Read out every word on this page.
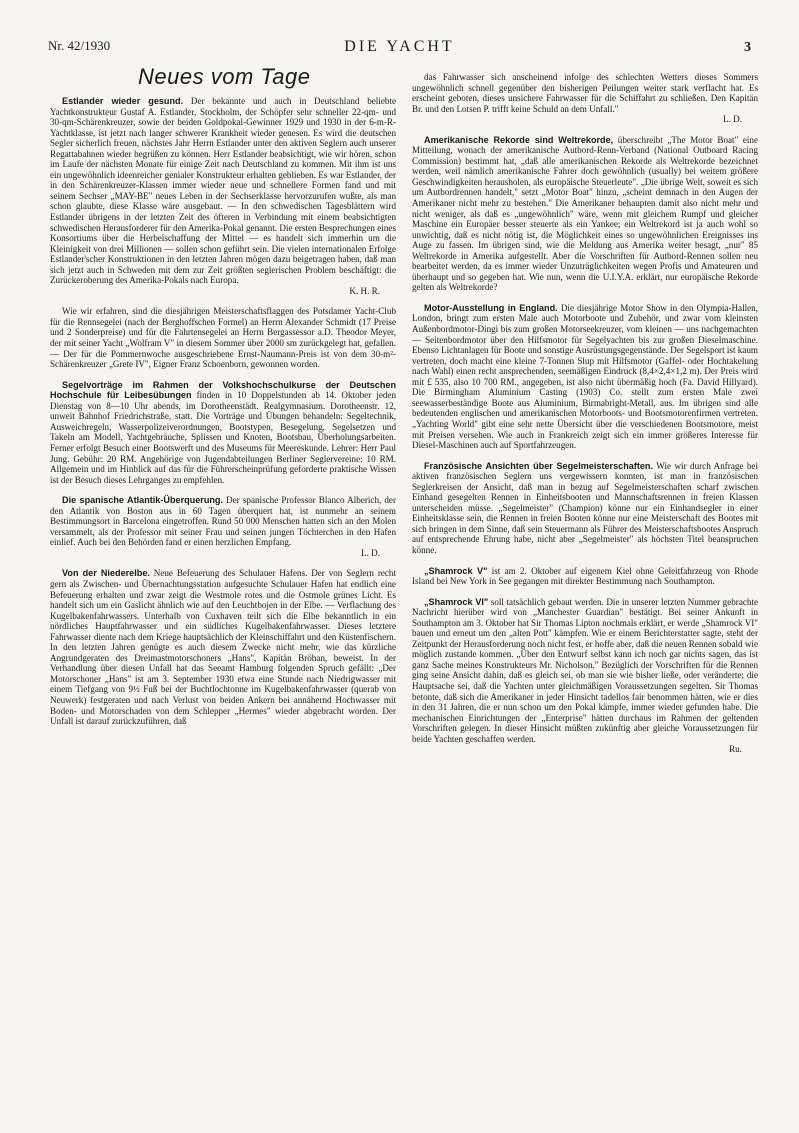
Nr. 42/1930	DIE YACHT	3
Neues vom Tage

Estlander wieder gesund. Der bekannte und auch in Deutschland beliebte Yachtkonstrukteur Gustaf A. Estlander, Stockholm, der Schöpfer sehr schneller 22-qm- und 30-qm-Schärenkreuzer, sowie der beiden Goldpokal-Gewinner 1929 und 1930 in der 6-m-R-Yachtklasse, ist jetzt nach langer schwerer Krankheit wieder genesen. Es wird die deutschen Segler sicherlich freuen, nächstes Jahr Herrn Estlander unter den aktiven Seglern auch unserer Regattabahnen wieder begrüßen zu können. Herr Estlander beabsichtigt, wie wir hören, schon im Laufe der nächsten Monate für einige Zeit nach Deutschland zu kommen. Mit ihm ist uns ein ungewöhnlich ideenreicher genialer Konstrukteur erhalten geblieben. Es war Estlander, der in den Schärenkreuzer-Klassen immer wieder neue und schnellere Formen fand und mit seinem Sechser „MAY-BE" neues Leben in der Sechserklasse hervorzurufen wußte, als man schon glaubte, diese Klasse wäre ausgebaut. — In den schwedischen Tagesblättern wird Estlander übrigens in der letzten Zeit des öfteren in Verbindung mit einem beabsichtigten schwedischen Herausforderer für den Amerika-Pokal genannt. Die ersten Besprechungen eines Konsortiums über die Herbeischaffung der Mittel — es handelt sich immerhin um die Kleinigkeit von drei Millionen — sollen schon geführt sein. Die vielen internationalen Erfolge Estlander'scher Konstruktionen in den letzten Jahren mögen dazu beigetragen haben, daß man sich jetzt auch in Schweden mit dem zur Zeit größten seglerischen Problem beschäftigt: die Zurückeroberung des Amerika-Pokals nach Europa.

K. H. R.

Wie wir erfahren, sind die diesjährigen Meisterschaftsflaggen des Potsdamer Yacht-Club für die Rennsegelei (nach der Berghoffschen Formel) an Herrn Alexander Schmidt (17 Preise und 2 Sonderpreise) und für die Fahrtensegelei an Herrn Bergassessor a.D. Theodor Meyer, der mit seiner Yacht „Wolfram V" in diesem Sommer über 2000 sm zurückgelegt hat, gefallen. — Der für die Pommernwoche ausgeschriebene Ernst-Naumann-Preis ist von dem 30-m²-Schärenkreuzer „Grete IV", Eigner Franz Schoenborn, gewonnen worden.

Segelvorträge im Rahmen der Volkshochschulkurse der Deutschen Hochschule für Leibesübungen finden in 10 Doppelstunden ab 14. Oktober jeden Dienstag von 8—10 Uhr abends, im Dorotheenstädt. Realgymnasium. Dorotheenstr. 12, unweit Bahnhof Friedrichstraße, statt. Die Vorträge und Übungen behandeln: Segeltechnik, Ausweichregeln, Wasserpolizeiverordnungen, Bootstypen, Besegelung, Segelsetzen und Takeln am Modell, Yachtgebräuche, Splissen und Knoten, Bootsbau, Überholungsarbeiten. Ferner erfolgt Besuch einer Bootswerft und des Museums für Meereskunde. Lehrer: Herr Paul Jung. Gebühr: 20 RM. Angehörige von Jugendabteilungen Berliner Seglervereine: 10 RM. Allgemein und im Hinblick auf das für die Führerscheinprüfung geforderte praktische Wissen ist der Besuch dieses Lehrganges zu empfehlen.

Die spanische Atlantik-Überquerung. Der spanische Professor Blanco Alberich, der den Atlantik von Boston aus in 60 Tagen überquert hat, ist nunmehr an seinem Bestimmungsort in Barcelona eingetroffen. Rund 50 000 Menschen hatten sich an den Molen versammelt, als der Professor mit seiner Frau und seinen jungen Töchterchen in den Hafen einlief. Auch bei den Behörden fand er einen herzlichen Empfang.

L. D.

Von der Niederelbe. Neue Befeuerung des Schulauer Hafens. Der von Seglern recht gern als Zwischen- und Übernachtungsstation aufgesuchte Schulauer Hafen hat endlich eine Befeuerung erhalten und zwar zeigt die Westmole rotes und die Ostmole grünes Licht. Es handelt sich um ein Gaslicht ähnlich wie auf den Leuchtbojen in der Elbe. — Verflachung des Kugelbakenfahrwassers. Unterhalb von Cuxhaven teilt sich die Elbe bekanntlich in ein nördliches Hauptfahrwasser und ein südliches Kugelbakenfahrwasser. Dieses letztere Fahrwasser diente nach dem Kriege hauptsächlich der Kleinschiffahrt und den Küstenfischern. In den letzten Jahren genügte es auch diesem Zwecke nicht mehr, wie das kürzliche Angrundgeraten des Dreimastmotorschoners „Hans", Kapitän Bröhan, beweist. In der Verhandlung über diesen Unfall hat das Seeamt Hamburg folgenden Spruch gefällt: „Der Motorschoner „Hans" ist am 3. September 1930 etwa eine Stunde nach Niedrigwasser mit einem Tiefgang von 9½ Fuß bei der Buchtlochtonne im Kugelbakenfahrwasser (querab von Neuwerk) festgeraten und nach Verlust von beiden Ankern bei annähernd Hochwasser mit Boden- und Motorschaden von dem Schlepper „Hermes" wieder abgebracht worden. Der Unfall ist darauf zurückzuführen, daß

das Fahrwasser sich anscheinend infolge des schlechten Wetters dieses Sommers ungewöhnlich schnell gegenüber den bisherigen Peilungen weiter stark verflacht hat. Es erscheint geboten, dieses unsichere Fahrwasser für die Schiffahrt zu schließen. Den Kapitän Br. und den Lotsen P. trifft keine Schuld an dem Unfall."

L. D.

Amerikanische Rekorde sind Weltrekorde, überschreibt „The Motor Boat" eine Mitteilung, wonach der amerikanische Autbord-Renn-Verband (National Outboard Racing Commission) bestimmt hat, „daß alle amerikanischen Rekorde als Weltrekorde bezeichnet werden, weil nämlich amerikanische Fahrer doch gewöhnlich (usually) bei weitem größere Geschwindigkeiten herausholen, als europäische Steuerleute". „Die übrige Welt, soweit es sich um Autbordrennen handelt," setzt „Motor Boat" hinzu, „scheint demnach in den Augen der Amerikaner nicht mehr zu bestehen." Die Amerikaner behaupten damit also nicht mehr und nicht weniger, als daß es „ungewöhnlich" wäre, wenn mit gleichem Rumpf und gleicher Maschine ein Europäer besser steuerte als ein Yankee; ein Weltrekord ist ja auch wohl so unwichtig, daß es nicht nötig ist, die Möglichkeit eines so ungewöhnlichen Ereignisses ins Auge zu fassen. Im übrigen sind, wie die Meldung aus Amerika weiter besagt, „nur" 85 Weltrekorde in Amerika aufgestellt. Aber die Vorschriften für Autbord-Rennen sollen neu bearbeitet werden, da es immer wieder Unzuträglichkeiten wegen Profis und Amateuren und überhaupt und so gegeben hat. Wie nun, wenn die U.I.Y.A. erklärt, nur europäische Rekorde gelten als Weltrekorde?

Motor-Ausstellung in England. Die diesjährige Motor Show in den Olympia-Hallen, London, bringt zum ersten Male auch Motorboote und Zubehör, und zwar vom kleinsten Außenbordmotor-Dingi bis zum großen Motorseekreuzer, vom kleinen — uns nachgemachten — Seitenbordmotor über den Hilfsmotor für Segelyachten bis zur großen Dieselmaschine. Ebenso Lichtanlagen für Boote und sonstige Ausrüstungsgegenstände. Der Segelsport ist kaum vertreten, doch macht eine kleine 7-Tonnen Slup mit Hilfsmotor (Gaffel- oder Hochtakelung nach Wahl) einen recht ansprechenden, seemäßigen Eindruck (8,4×2,4×1,2 m). Der Preis wird mit £ 535, also 10 700 RM., angegeben, ist also nicht übermäßig hoch (Fa. David Hillyard). Die Birmingham Aluminium Casting (1903) Co. stellt zum ersten Male zwei seewasserbeständige Boote aus Aluminium, Birmabright-Metall, aus. Im übrigen sind alle bedeutenden englischen und amerikanischen Motorboots- und Bootsmotorenfirmen vertreten. „Yachting World" gibt eine sehr nette Übersicht über die verschiedenen Bootsmotore, meist mit Preisen versehen. Wie auch in Frankreich zeigt sich ein immer größeres Interesse für Diesel-Maschinen auch auf Sportfahrzeugen.

Französische Ansichten über Segelmeisterschaften. Wie wir durch Anfrage bei aktiven französischen Seglern uns vergewissern konnten, ist man in französischen Seglerkreisen der Ansicht, daß man in bezug auf Segelmeisterschaften scharf zwischen Einhand gesegelten Rennen in Einheitsbooten und Mannschaftsrennen in freien Klassen unterscheiden müsse. „Segelmeister" (Champion) könne nur ein Einhandsegler in einer Einheitsklasse sein, die Rennen in freien Booten könne nur eine Meisterschaft des Bootes mit sich bringen in dem Sinne, daß sein Steuermann als Führer des Meisterschaftsbootes Anspruch auf entsprechende Ehrung habe, nicht aber „Segelmeister" als höchsten Titel beanspruchen könne.

„Shamrock V" ist am 2. Oktober auf eigenem Kiel ohne Geleitfahrzeug von Rhode Island bei New York in See gegangen mit direkter Bestimmung nach Southampton.

„Shamrock VI" soll tatsächlich gebaut werden. Die in unserer letzten Nummer gebrachte Nachricht hierüber wird von „Manchester Guardian" bestätigt. Bei seiner Ankunft in Southampton am 3. Oktober hat Sir Thomas Lipton nochmals erklärt, er werde „Shamrock VI" bauen und erneut um den „alten Pott" kämpfen. Wie er einem Berichterstatter sagte, steht der Zeitpunkt der Herausforderung noch nicht fest, er hoffe aber, daß die neuen Rennen sobald wie möglich zustande kommen. „Über den Entwurf selbst kann ich noch gar nichts sagen, das ist ganz Sache meines Konstrukteurs Mr. Nicholson." Bezüglich der Vorschriften für die Rennen ging seine Ansicht dahin, daß es gleich sei, ob man sie wie bisher ließe, oder veränderte; die Hauptsache sei, daß die Yachten unter gleichmäßigen Voraussetzungen segelten. Sir Thomas betonte, daß sich die Amerikaner in jeder Hinsicht tadellos fair benommen hätten, wie er dies in den 31 Jahren, die er nun schon um den Pokal kämpfe, immer wieder gefunden habe. Die mechanischen Einrichtungen der „Enterprise" hätten durchaus im Rahmen der geltenden Vorschriften gelegen. In dieser Hinsicht müßten zukünftig aber gleiche Voraussetzungen für beide Yachten geschaffen werden.

Ru.
